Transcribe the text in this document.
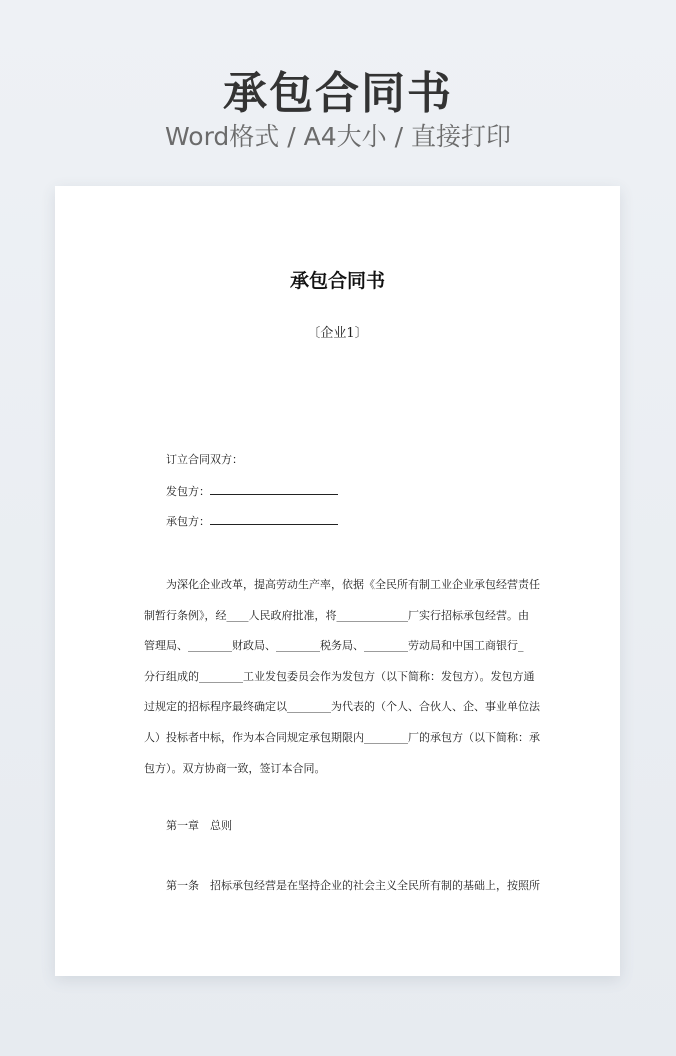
承包合同书
Word格式 / A4大小 / 直接打印
承包合同书
〔企业1〕
订立合同双方：
发包方：
承包方：
为深化企业改革，提高劳动生产率，依据《全民所有制工业企业承包经营责任
制暂行条例》，经____人民政府批准，将_____________厂实行招标承包经营。由
管理局、________财政局、________税务局、________劳动局和中国工商银行_
分行组成的________工业发包委员会作为发包方（以下简称：发包方）。发包方通
过规定的招标程序最终确定以________为代表的（个人、合伙人、企、事业单位法
人）投标者中标，作为本合同规定承包期限内________厂的承包方（以下简称：承
包方）。双方协商一致，签订本合同。
第一章　总则
第一条　招标承包经营是在坚持企业的社会主义全民所有制的基础上，按照所
